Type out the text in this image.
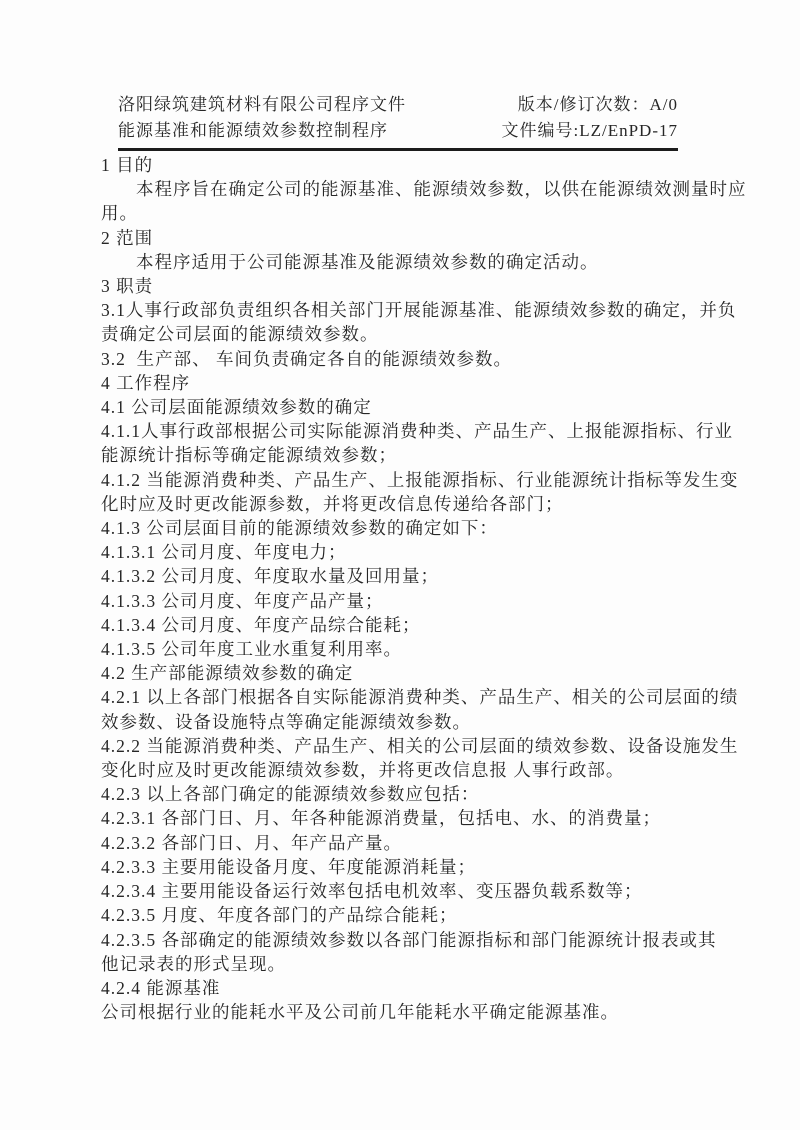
洛阳绿筑建筑材料有限公司程序文件	版本/修订次数：A/0
能源基准和能源绩效参数控制程序	文件编号:LZ/EnPD-17
1 目的
本程序旨在确定公司的能源基准、能源绩效参数，以供在能源绩效测量时应
用。
2 范围
本程序适用于公司能源基准及能源绩效参数的确定活动。
3 职责
3.1人事行政部负责组织各相关部门开展能源基准、能源绩效参数的确定，并负
责确定公司层面的能源绩效参数。
3.2  生产部、 车间负责确定各自的能源绩效参数。
4 工作程序
4.1 公司层面能源绩效参数的确定
4.1.1人事行政部根据公司实际能源消费种类、产品生产、上报能源指标、行业
能源统计指标等确定能源绩效参数；
4.1.2 当能源消费种类、产品生产、上报能源指标、行业能源统计指标等发生变
化时应及时更改能源参数，并将更改信息传递给各部门；
4.1.3 公司层面目前的能源绩效参数的确定如下：
4.1.3.1 公司月度、年度电力；
4.1.3.2 公司月度、年度取水量及回用量；
4.1.3.3 公司月度、年度产品产量；
4.1.3.4 公司月度、年度产品综合能耗；
4.1.3.5 公司年度工业水重复利用率。
4.2 生产部能源绩效参数的确定
4.2.1 以上各部门根据各自实际能源消费种类、产品生产、相关的公司层面的绩
效参数、设备设施特点等确定能源绩效参数。
4.2.2 当能源消费种类、产品生产、相关的公司层面的绩效参数、设备设施发生
变化时应及时更改能源绩效参数，并将更改信息报 人事行政部。
4.2.3 以上各部门确定的能源绩效参数应包括：
4.2.3.1 各部门日、月、年各种能源消费量，包括电、水、的消费量；
4.2.3.2 各部门日、月、年产品产量。
4.2.3.3 主要用能设备月度、年度能源消耗量；
4.2.3.4 主要用能设备运行效率包括电机效率、变压器负载系数等；
4.2.3.5 月度、年度各部门的产品综合能耗；
4.2.3.5 各部确定的能源绩效参数以各部门能源指标和部门能源统计报表或其
他记录表的形式呈现。
4.2.4 能源基准
公司根据行业的能耗水平及公司前几年能耗水平确定能源基准。
